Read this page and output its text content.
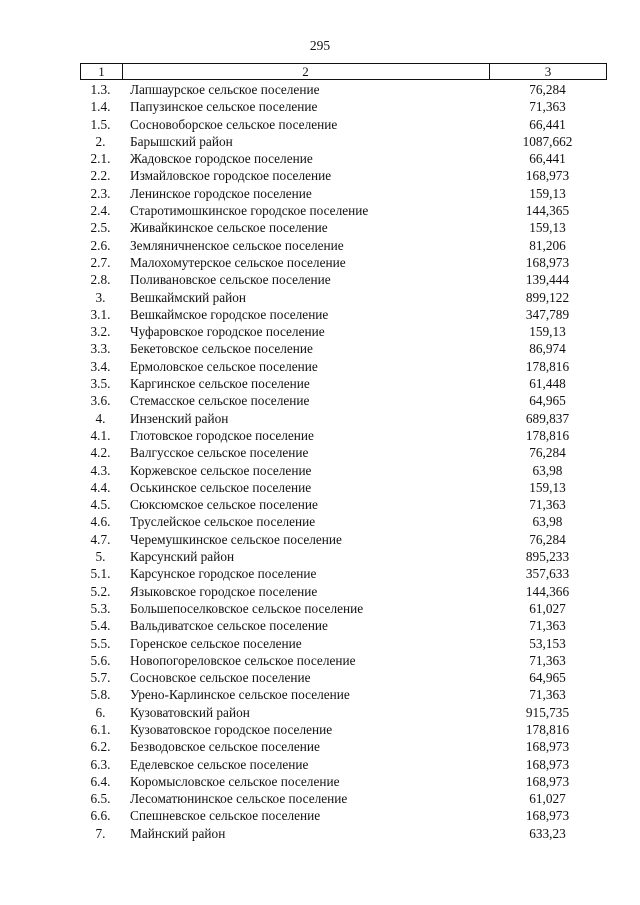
295
1	2	3
1.3.	Лапшаурское сельское поселение	76,284
1.4.	Папузинское сельское поселение	71,363
1.5.	Сосновоборское сельское поселение	66,441
2.	Барышский район	1087,662
2.1.	Жадовское городское поселение	66,441
2.2.	Измайловское городское поселение	168,973
2.3.	Ленинское городское поселение	159,13
2.4.	Старотимошкинское городское поселение	144,365
2.5.	Живайкинское сельское поселение	159,13
2.6.	Земляничненское сельское поселение	81,206
2.7.	Малохомутерское сельское поселение	168,973
2.8.	Поливановское сельское поселение	139,444
3.	Вешкаймский район	899,122
3.1.	Вешкаймское городское поселение	347,789
3.2.	Чуфаровское городское поселение	159,13
3.3.	Бекетовское сельское поселение	86,974
3.4.	Ермоловское сельское поселение	178,816
3.5.	Каргинское сельское поселение	61,448
3.6.	Стемасское сельское поселение	64,965
4.	Инзенский район	689,837
4.1.	Глотовское городское поселение	178,816
4.2.	Валгусское сельское поселение	76,284
4.3.	Коржевское сельское поселение	63,98
4.4.	Оськинское сельское поселение	159,13
4.5.	Сюксюмское сельское поселение	71,363
4.6.	Труслейское сельское поселение	63,98
4.7.	Черемушкинское сельское поселение	76,284
5.	Карсунский район	895,233
5.1.	Карсунское городское поселение	357,633
5.2.	Языковское городское поселение	144,366
5.3.	Большепоселковское сельское поселение	61,027
5.4.	Вальдиватское сельское поселение	71,363
5.5.	Горенское сельское поселение	53,153
5.6.	Новопогореловское сельское поселение	71,363
5.7.	Сосновское сельское поселение	64,965
5.8.	Урено-Карлинское сельское поселение	71,363
6.	Кузоватовский район	915,735
6.1.	Кузоватовское городское поселение	178,816
6.2.	Безводовское сельское поселение	168,973
6.3.	Еделевское сельское поселение	168,973
6.4.	Коромысловское сельское поселение	168,973
6.5.	Лесоматюнинское сельское поселение	61,027
6.6.	Спешневское сельское поселение	168,973
7.	Майнский район	633,23
